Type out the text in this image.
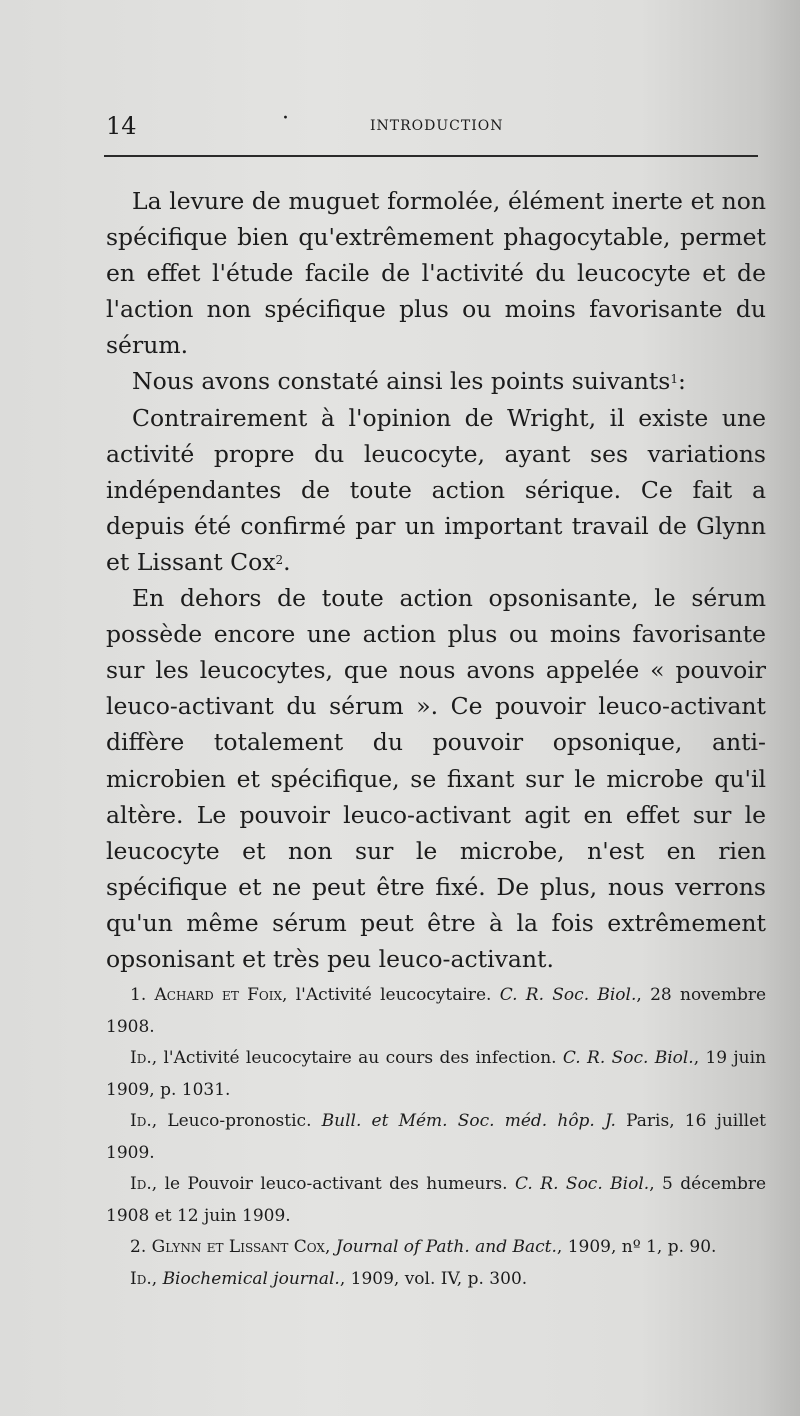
14	·	INTRODUCTION

La levure de muguet formolée, élément inerte et non spécifique bien qu'extrêmement phagocytable, permet en effet l'étude facile de l'activité du leucocyte et de l'action non spécifique plus ou moins favorisante du sérum.

Nous avons constaté ainsi les points suivants$^1$:

Contrairement à l'opinion de Wright, il existe une activité propre du leucocyte, ayant ses variations indépendantes de toute action sérique. Ce fait a depuis été confirmé par un important travail de Glynn et Lissant Cox$^2$.

En dehors de toute action opsonisante, le sérum possède encore une action plus ou moins favorisante sur les leucocytes, que nous avons appelée « pouvoir leuco-activant du sérum ». Ce pouvoir leuco-activant diffère totalement du pouvoir opsonique, anti-microbien et spécifique, se fixant sur le microbe qu'il altère. Le pouvoir leuco-activant agit en effet sur le leucocyte et non sur le microbe, n'est en rien spécifique et ne peut être fixé. De plus, nous verrons qu'un même sérum peut être à la fois extrêmement opsonisant et très peu leuco-activant.

1. Achard et Foix, l'Activité leucocytaire. C. R. Soc. Biol., 28 novembre 1908.

Id., l'Activité leucocytaire au cours des infection. C. R. Soc. Biol., 19 juin 1909, p. 1031.

Id., Leuco-pronostic. Bull. et Mém. Soc. méd. hôp. J. Paris, 16 juillet 1909.

Id., le Pouvoir leuco-activant des humeurs. C. R. Soc. Biol., 5 décembre 1908 et 12 juin 1909.

2. Glynn et Lissant Cox, Journal of Path. and Bact., 1909, nº 1, p. 90.

Id., Biochemical journal., 1909, vol. IV, p. 300.
